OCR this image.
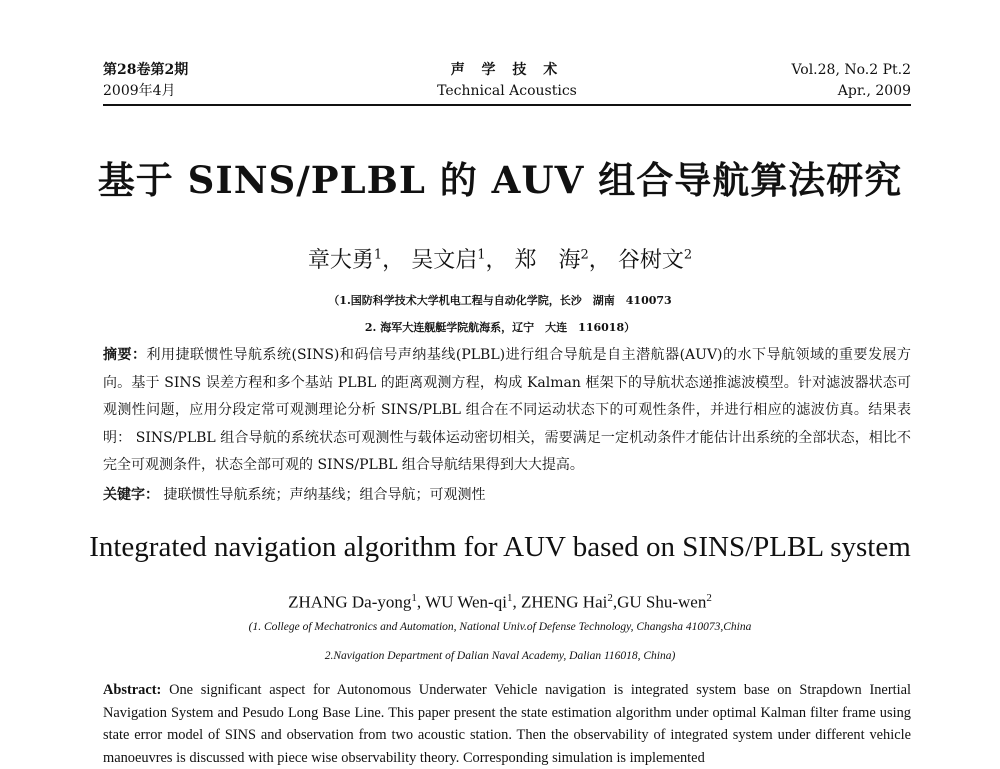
声 学 技 术
Technical Acoustics
第28卷第2期
2009年4月
Vol.28, No.2 Pt.2
Apr., 2009
基于 SINS/PLBL 的 AUV 组合导航算法研究
章大勇$^1$， 吴文启$^1$， 郑　海$^2$， 谷树文$^2$
（1.国防科学技术大学机电工程与自动化学院，长沙　湖南　410073
2. 海军大连舰艇学院航海系，辽宁　大连　116018）
摘要：利用捷联惯性导航系统(SINS)和码信号声纳基线(PLBL)进行组合导航是自主潜航器(AUV)的水下导航领域的重要发展方向。基于 SINS 误差方程和多个基站 PLBL 的距离观测方程，构成 Kalman 框架下的导航状态递推滤波模型。针对滤波器状态可观测性问题，应用分段定常可观测理论分析 SINS/PLBL 组合在不同运动状态下的可观性条件，并进行相应的滤波仿真。结果表明： SINS/PLBL 组合导航的系统状态可观测性与载体运动密切相关，需要满足一定机动条件才能估计出系统的全部状态，相比不完全可观测条件，状态全部可观的 SINS/PLBL 组合导航结果得到大大提高。
关键字： 捷联惯性导航系统；声纳基线；组合导航；可观测性
Integrated navigation algorithm for AUV based on SINS/PLBL system
ZHANG Da-yong$^1$, WU Wen-$qi^1$, ZHENG Hai$^2$,GU Shu-wen$^2$
(1. College of Mechatronics and Automation, National Univ.of Defense Technology, Changsha 410073,China
2.Navigation Department of Dalian Naval Academy, Dalian 116018, China)
Abstract: One significant aspect for Autonomous Underwater Vehicle navigation is integrated system base on Strapdown Inertial Navigation System and Pesudo Long Base Line. This paper present the state estimation algorithm under optimal Kalman filter frame using state error model of SINS and observation from two acoustic station. Then the observability of integrated system under different vehicle manoeuvres is discussed with piece wise observability theory. Corresponding simulation is implemented
